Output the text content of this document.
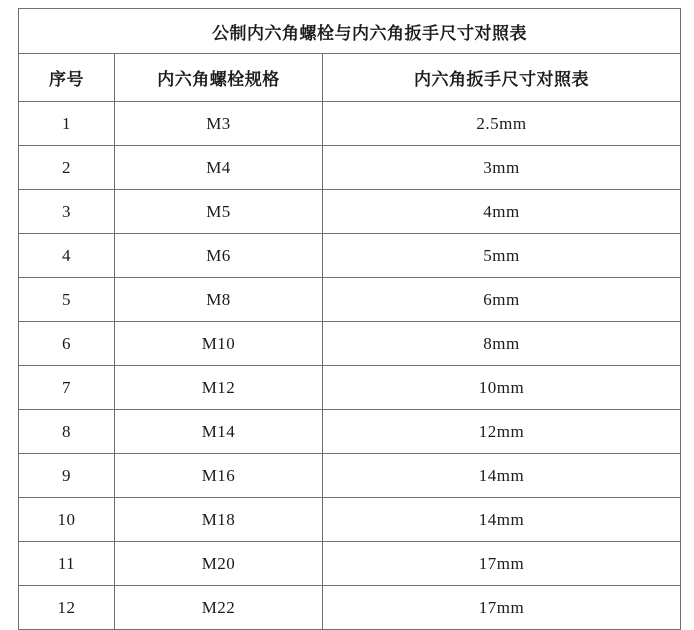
公制内六角螺栓与内六角扳手尺寸对照表		
序号	内六角螺栓规格	内六角扳手尺寸对照表
1	M3	2.5mm
2	M4	3mm
3	M5	4mm
4	M6	5mm
5	M8	6mm
6	M10	8mm
7	M12	10mm
8	M14	12mm
9	M16	14mm
10	M18	14mm
11	M20	17mm
12	M22	17mm
